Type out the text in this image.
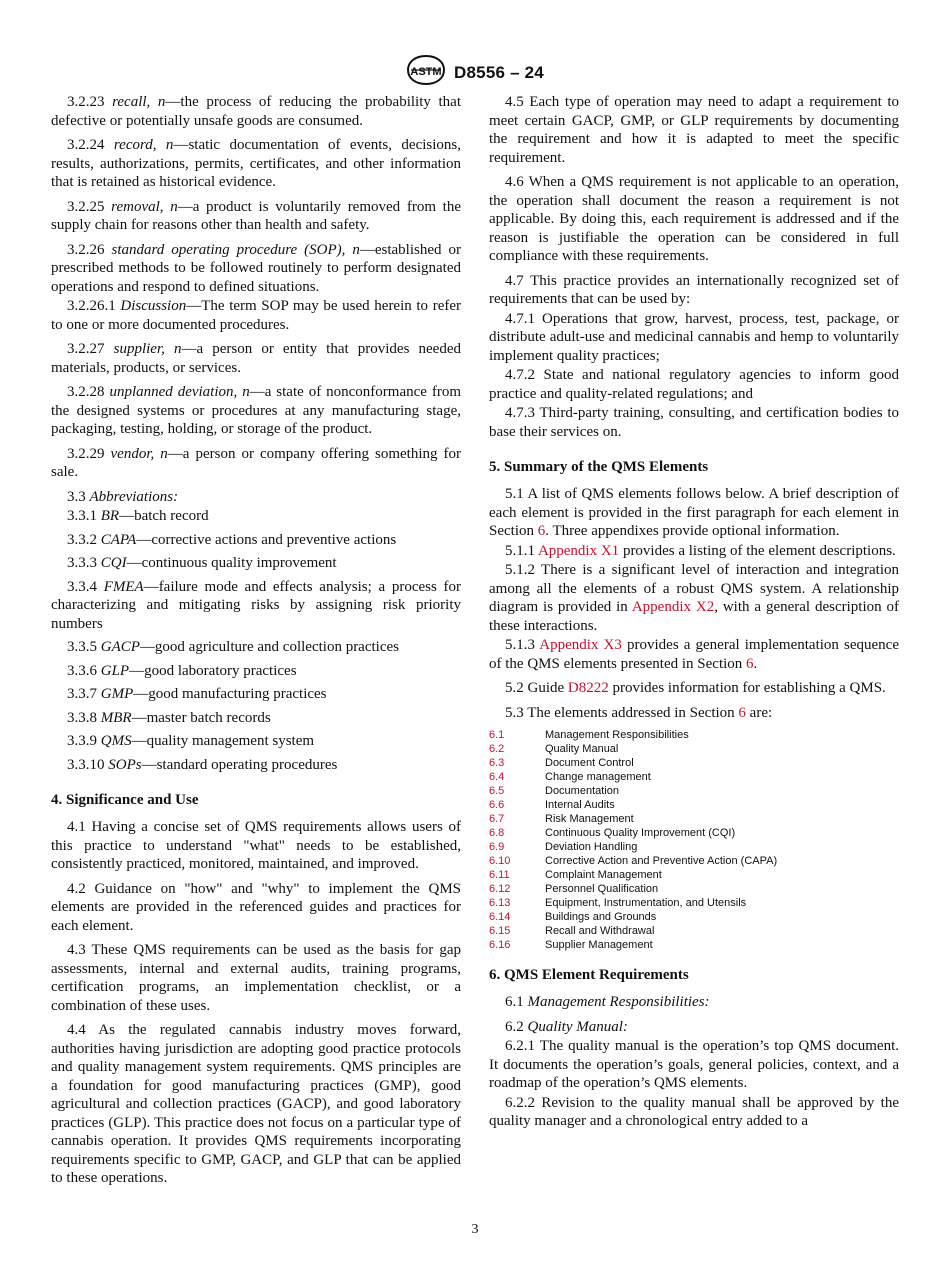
ASTM D8556 – 24

3.2.23 recall, n—the process of reducing the probability that defective or potentially unsafe goods are consumed.

3.2.24 record, n—static documentation of events, decisions, results, authorizations, permits, certificates, and other information that is retained as historical evidence.

3.2.25 removal, n—a product is voluntarily removed from the supply chain for reasons other than health and safety.

3.2.26 standard operating procedure (SOP), n—established or prescribed methods to be followed routinely to perform designated operations and respond to defined situations.

3.2.26.1 Discussion—The term SOP may be used herein to refer to one or more documented procedures.

3.2.27 supplier, n—a person or entity that provides needed materials, products, or services.

3.2.28 unplanned deviation, n—a state of nonconformance from the designed systems or procedures at any manufacturing stage, packaging, testing, holding, or storage of the product.

3.2.29 vendor, n—a person or company offering something for sale.

3.3 Abbreviations:

3.3.1 BR—batch record

3.3.2 CAPA—corrective actions and preventive actions

3.3.3 CQI—continuous quality improvement

3.3.4 FMEA—failure mode and effects analysis; a process for characterizing and mitigating risks by assigning risk priority numbers

3.3.5 GACP—good agriculture and collection practices

3.3.6 GLP—good laboratory practices

3.3.7 GMP—good manufacturing practices

3.3.8 MBR—master batch records

3.3.9 QMS—quality management system

3.3.10 SOPs—standard operating procedures

4. Significance and Use

4.1 Having a concise set of QMS requirements allows users of this practice to understand "what" needs to be established, consistently practiced, monitored, maintained, and improved.

4.2 Guidance on "how" and "why" to implement the QMS elements are provided in the referenced guides and practices for each element.

4.3 These QMS requirements can be used as the basis for gap assessments, internal and external audits, training programs, certification programs, an implementation checklist, or a combination of these uses.

4.4 As the regulated cannabis industry moves forward, authorities having jurisdiction are adopting good practice protocols and quality management system requirements. QMS principles are a foundation for good manufacturing practices (GMP), good agricultural and collection practices (GACP), and good laboratory practices (GLP). This practice does not focus on a particular type of cannabis operation. It provides QMS requirements incorporating requirements specific to GMP, GACP, and GLP that can be applied to these operations.

4.5 Each type of operation may need to adapt a requirement to meet certain GACP, GMP, or GLP requirements by documenting the requirement and how it is adapted to meet the specific requirement.

4.6 When a QMS requirement is not applicable to an operation, the operation shall document the reason a requirement is not applicable. By doing this, each requirement is addressed and if the reason is justifiable the operation can be considered in full compliance with these requirements.

4.7 This practice provides an internationally recognized set of requirements that can be used by:

4.7.1 Operations that grow, harvest, process, test, package, or distribute adult-use and medicinal cannabis and hemp to voluntarily implement quality practices;

4.7.2 State and national regulatory agencies to inform good practice and quality-related regulations; and

4.7.3 Third-party training, consulting, and certification bodies to base their services on.

5. Summary of the QMS Elements

5.1 A list of QMS elements follows below. A brief description of each element is provided in the first paragraph for each element in Section 6. Three appendixes provide optional information.

5.1.1 Appendix X1 provides a listing of the element descriptions.

5.1.2 There is a significant level of interaction and integration among all the elements of a robust QMS system. A relationship diagram is provided in Appendix X2, with a general description of these interactions.

5.1.3 Appendix X3 provides a general implementation sequence of the QMS elements presented in Section 6.

5.2 Guide D8222 provides information for establishing a QMS.

5.3 The elements addressed in Section 6 are:

6.1	Management Responsibilities
6.2	Quality Manual
6.3	Document Control
6.4	Change management
6.5	Documentation
6.6	Internal Audits
6.7	Risk Management
6.8	Continuous Quality Improvement (CQI)
6.9	Deviation Handling
6.10	Corrective Action and Preventive Action (CAPA)
6.11	Complaint Management
6.12	Personnel Qualification
6.13	Equipment, Instrumentation, and Utensils
6.14	Buildings and Grounds
6.15	Recall and Withdrawal
6.16	Supplier Management
6. QMS Element Requirements

6.1 Management Responsibilities:

6.2 Quality Manual:

6.2.1 The quality manual is the operation’s top QMS document. It documents the operation’s goals, general policies, context, and a roadmap of the operation’s QMS elements.

6.2.2 Revision to the quality manual shall be approved by the quality manager and a chronological entry added to a

3
